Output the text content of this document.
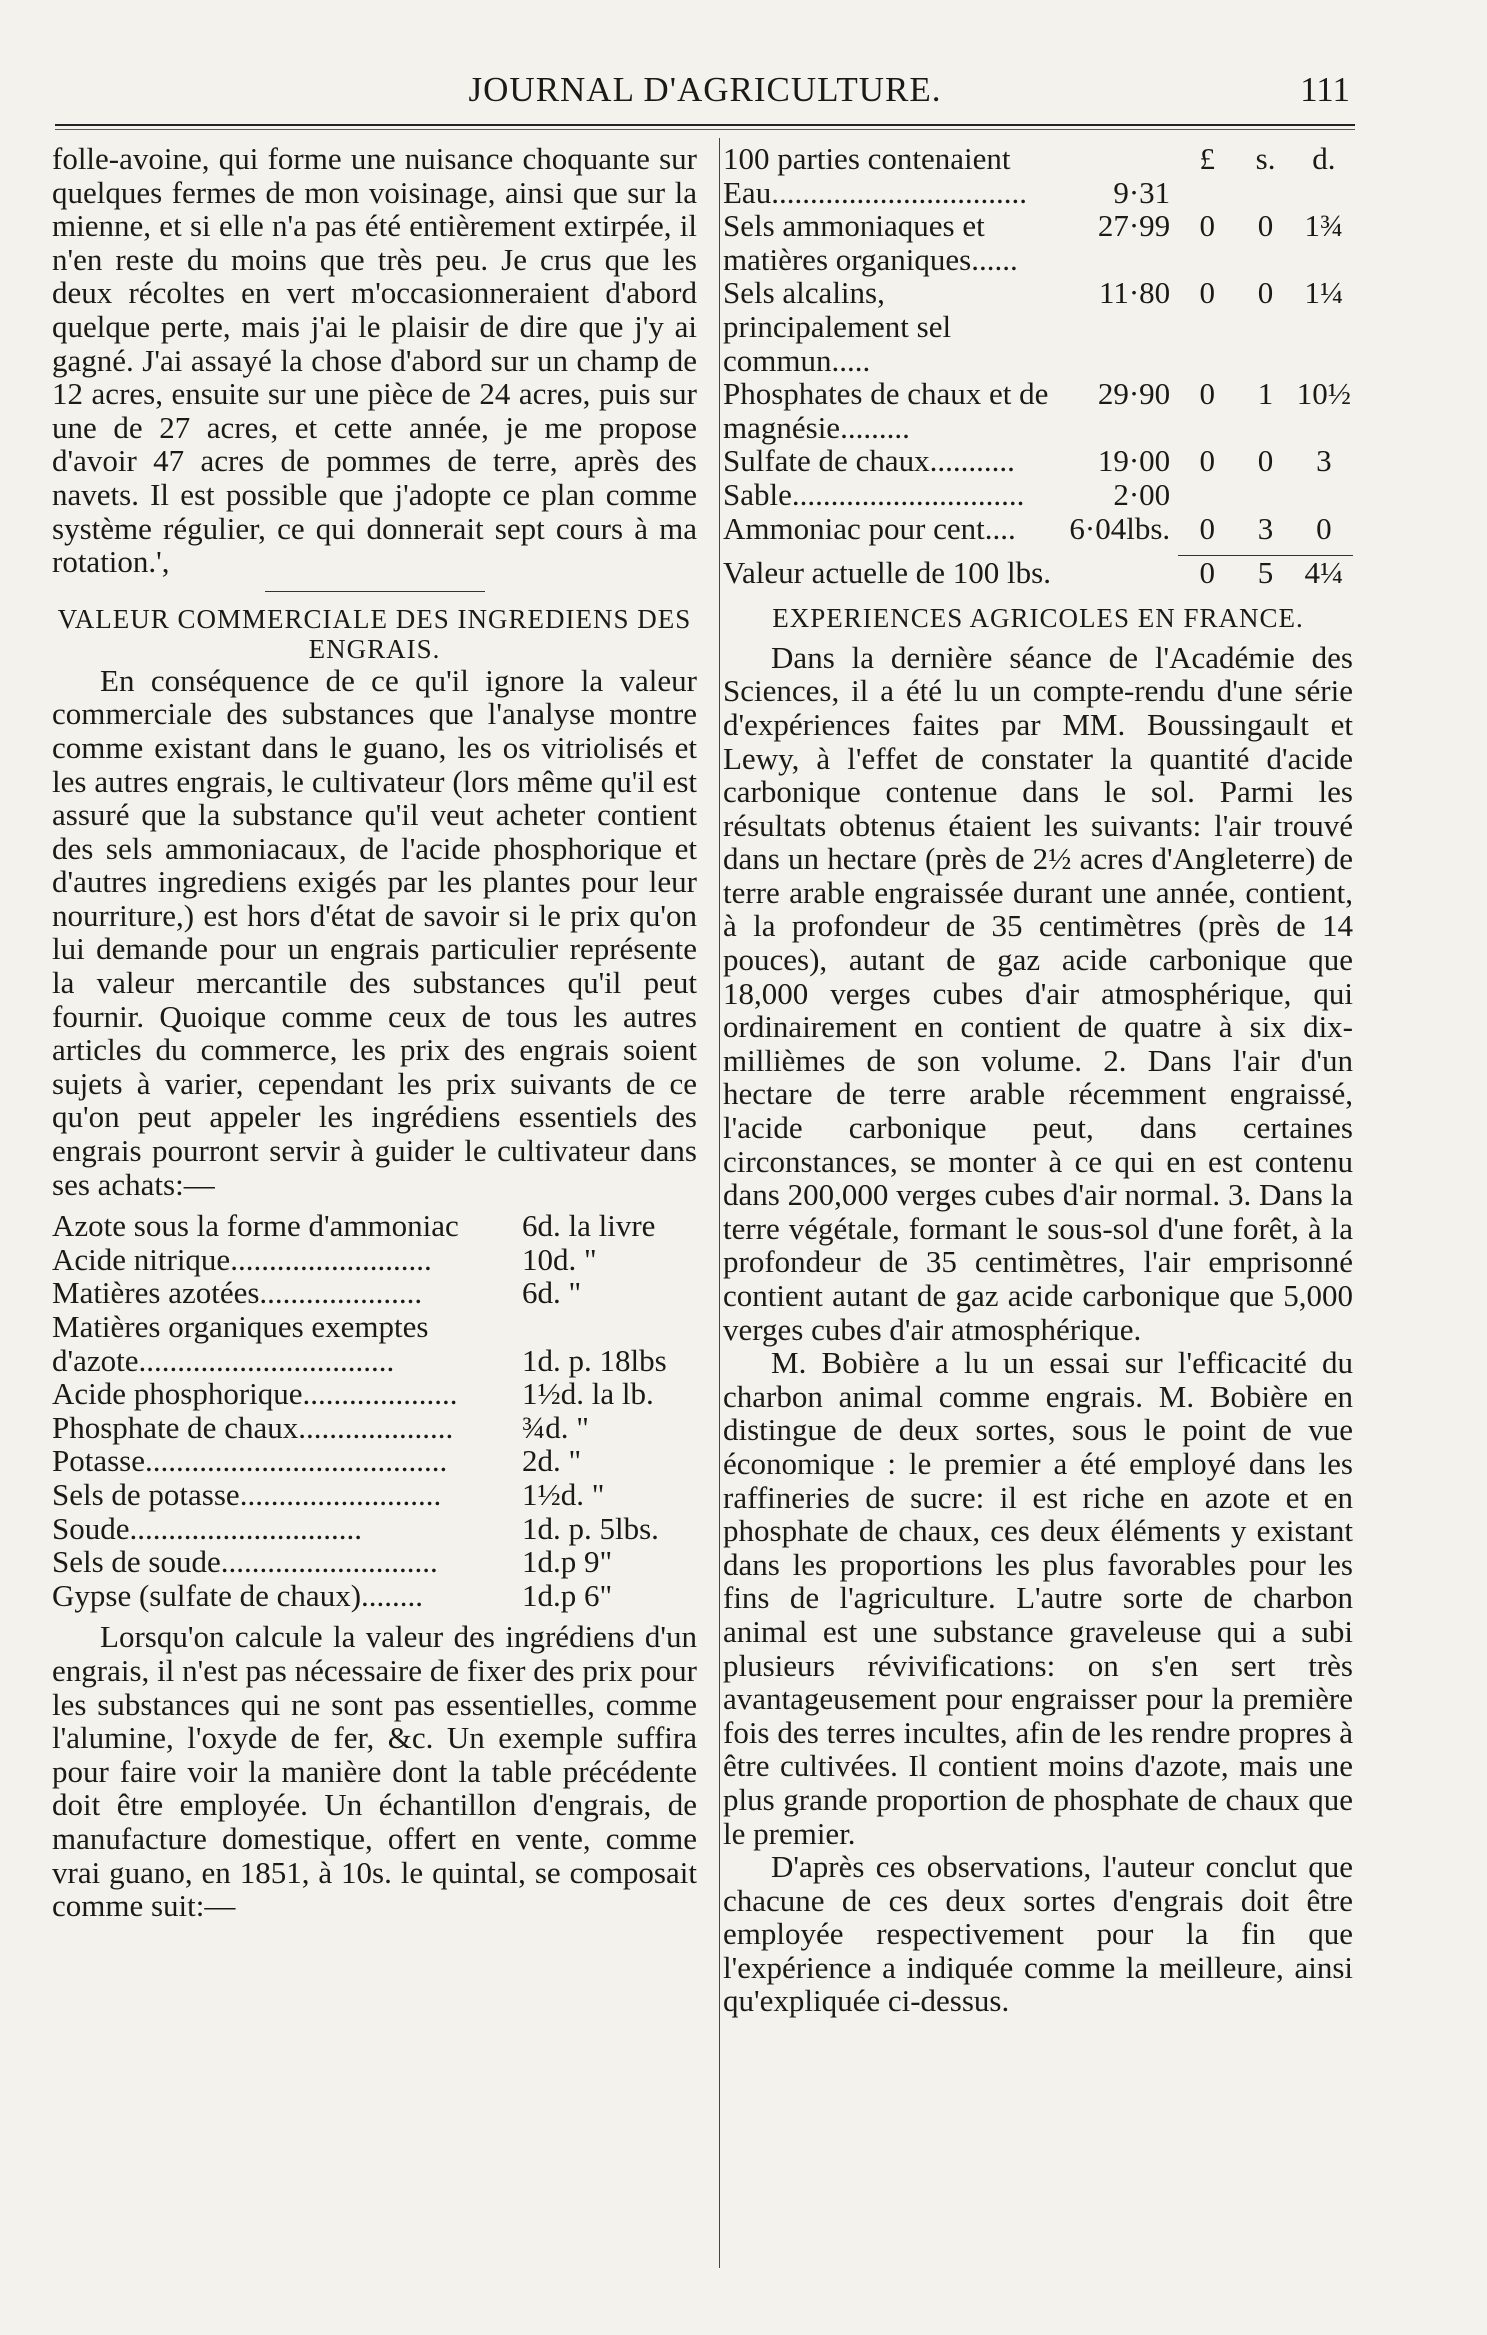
JOURNAL D'AGRICULTURE.	111

folle-avoine, qui forme une nuisance choquante sur quelques fermes de mon voisinage, ainsi que sur la mienne, et si elle n'a pas été entièrement extirpée, il n'en reste du moins que très peu. Je crus que les deux récoltes en vert m'occasionneraient d'abord quelque perte, mais j'ai le plaisir de dire que j'y ai gagné. J'ai assayé la chose d'abord sur un champ de 12 acres, ensuite sur une pièce de 24 acres, puis sur une de 27 acres, et cette année, je me propose d'avoir 47 acres de pommes de terre, après des navets. Il est possible que j'adopte ce plan comme système régulier, ce qui donnerait sept cours à ma rotation.',

VALEUR COMMERCIALE DES INGREDIENS DES ENGRAIS.

En conséquence de ce qu'il ignore la valeur commerciale des substances que l'analyse montre comme existant dans le guano, les os vitriolisés et les autres engrais, le cultivateur (lors même qu'il est assuré que la substance qu'il veut acheter contient des sels ammoniacaux, de l'acide phosphorique et d'autres ingrediens exigés par les plantes pour leur nourriture,) est hors d'état de savoir si le prix qu'on lui demande pour un engrais particulier représente la valeur mercantile des substances qu'il peut fournir. Quoique comme ceux de tous les autres articles du commerce, les prix des engrais soient sujets à varier, cependant les prix suivants de ce qu'on peut appeler les ingrédiens essentiels des engrais pourront servir à guider le cultivateur dans ses achats:—

Azote sous la forme d'ammoniac	6d. la livre
Acide nitrique..........................	10d. "
Matières azotées.....................	6d. "
Matières organiques exemptes	
d'azote.................................	1d. p. 18lbs
Acide phosphorique....................	1½d. la lb.
Phosphate de chaux....................	¾d. "
Potasse.......................................	2d. "
Sels de potasse..........................	1½d. "
Soude..............................	1d. p. 5lbs.
Sels de soude............................	1d.p 9"
Gypse (sulfate de chaux)........	1d.p 6"

Lorsqu'on calcule la valeur des ingrédiens d'un engrais, il n'est pas nécessaire de fixer des prix pour les substances qui ne sont pas essentielles, comme l'alumine, l'oxyde de fer, &c. Un exemple suffira pour faire voir la manière dont la table précédente doit être employée. Un échantillon d'engrais, de manufacture domestique, offert en vente, comme vrai guano, en 1851, à 10s. le quintal, se composait comme suit:—

100 parties contenaient		£	s.	d.
Eau.................................	9·31			
Sels ammoniaques et matières organiques......	27·99	0	0	1¾
Sels alcalins, principalement sel commun.....	11·80	0	0	1¼
Phosphates de chaux et de magnésie.........	29·90	0	1	10½
Sulfate de chaux...........	19·00	0	0	3
Sable..............................	2·00			
Ammoniac pour cent....	6·04lbs.	0	3	0

Valeur actuelle de 100 lbs.		0	5	4¼
EXPERIENCES AGRICOLES EN FRANCE.

Dans la dernière séance de l'Académie des Sciences, il a été lu un compte-rendu d'une série d'expériences faites par MM. Boussingault et Lewy, à l'effet de constater la quantité d'acide carbonique contenue dans le sol. Parmi les résultats obtenus étaient les suivants: l'air trouvé dans un hectare (près de 2½ acres d'Angleterre) de terre arable engraissée durant une année, contient, à la profondeur de 35 centimètres (près de 14 pouces), autant de gaz acide carbonique que 18,000 verges cubes d'air atmosphérique, qui ordinairement en contient de quatre à six dix-millièmes de son volume. 2. Dans l'air d'un hectare de terre arable récemment engraissé, l'acide carbonique peut, dans certaines circonstances, se monter à ce qui en est contenu dans 200,000 verges cubes d'air normal. 3. Dans la terre végétale, formant le sous-sol d'une forêt, à la profondeur de 35 centimètres, l'air emprisonné contient autant de gaz acide carbonique que 5,000 verges cubes d'air atmosphérique.

M. Bobière a lu un essai sur l'efficacité du charbon animal comme engrais. M. Bobière en distingue de deux sortes, sous le point de vue économique : le premier a été employé dans les raffineries de sucre: il est riche en azote et en phosphate de chaux, ces deux éléments y existant dans les proportions les plus favorables pour les fins de l'agriculture. L'autre sorte de charbon animal est une substance graveleuse qui a subi plusieurs révivifications: on s'en sert très avantageusement pour engraisser pour la première fois des terres incultes, afin de les rendre propres à être cultivées. Il contient moins d'azote, mais une plus grande proportion de phosphate de chaux que le premier.

D'après ces observations, l'auteur conclut que chacune de ces deux sortes d'engrais doit être employée respectivement pour la fin que l'expérience a indiquée comme la meilleure, ainsi qu'expliquée ci-dessus.
